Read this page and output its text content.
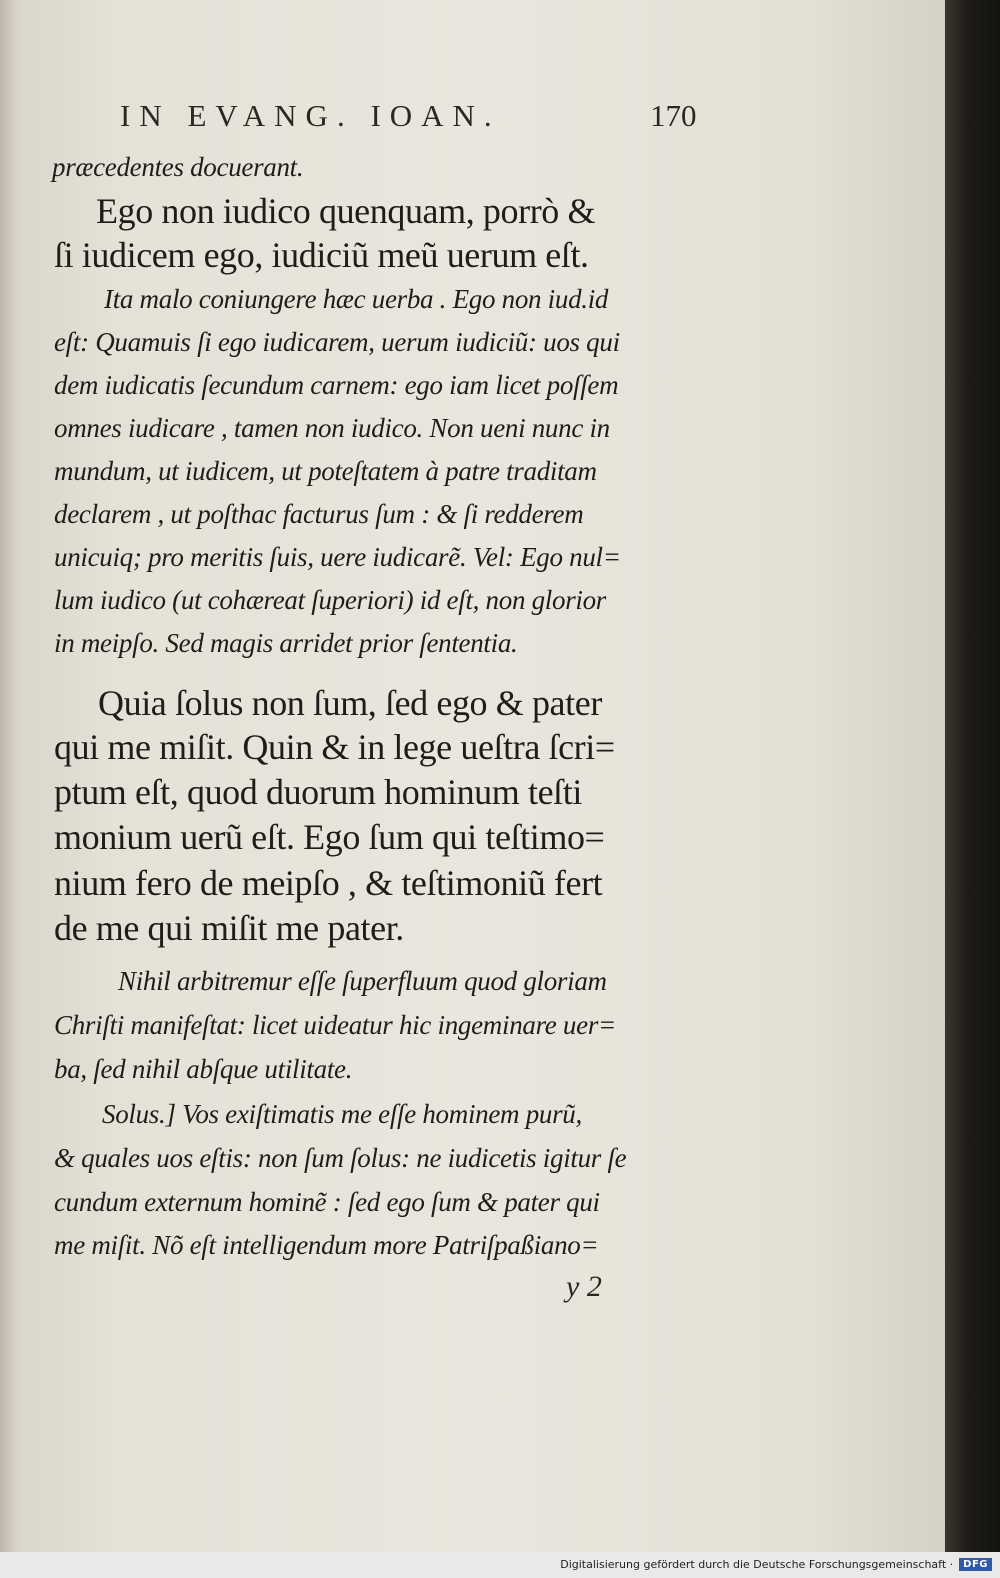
IN EVANG. IOAN.	170
præcedentes docuerant.
Ego non iudico quenquam, porrò &
ſi iudicem ego, iudiciũ meũ uerum eſt.
Ita malo coniungere hæc uerba . Ego non iud.id
eſt: Quamuis ſi ego iudicarem, uerum iudiciũ: uos qui
dem iudicatis ſecundum carnem: ego iam licet poſſem
omnes iudicare , tamen non iudico. Non ueni nunc in
mundum, ut iudicem, ut poteſtatem à patre traditam
declarem , ut poſthac facturus ſum : & ſi redderem
unicuiq; pro meritis ſuis, uere iudicarẽ. Vel: Ego nul=
lum iudico (ut cohæreat ſuperiori) id eſt, non glorior
in meipſo. Sed magis arridet prior ſententia.
Quia ſolus non ſum, ſed ego & pater
qui me miſit. Quin & in lege ueſtra ſcri=
ptum eſt, quod duorum hominum teſti
monium uerũ eſt. Ego ſum qui teſtimo=
nium fero de meipſo , & teſtimoniũ fert
de me qui miſit me pater.
Nihil arbitremur eſſe ſuperfluum quod gloriam
Chriſti manifeſtat: licet uideatur hic ingeminare uer=
ba, ſed nihil abſque utilitate.
Solus.] Vos exiſtimatis me eſſe hominem purũ,
& quales uos eſtis: non ſum ſolus: ne iudicetis igitur ſe
cundum externum hominẽ : ſed ego ſum & pater qui
me miſit. Nõ eſt intelligendum more Patriſpaßiano=
y 2
Digitalisierung gefördert durch die Deutsche Forschungsgemeinschaft ·	DFG
